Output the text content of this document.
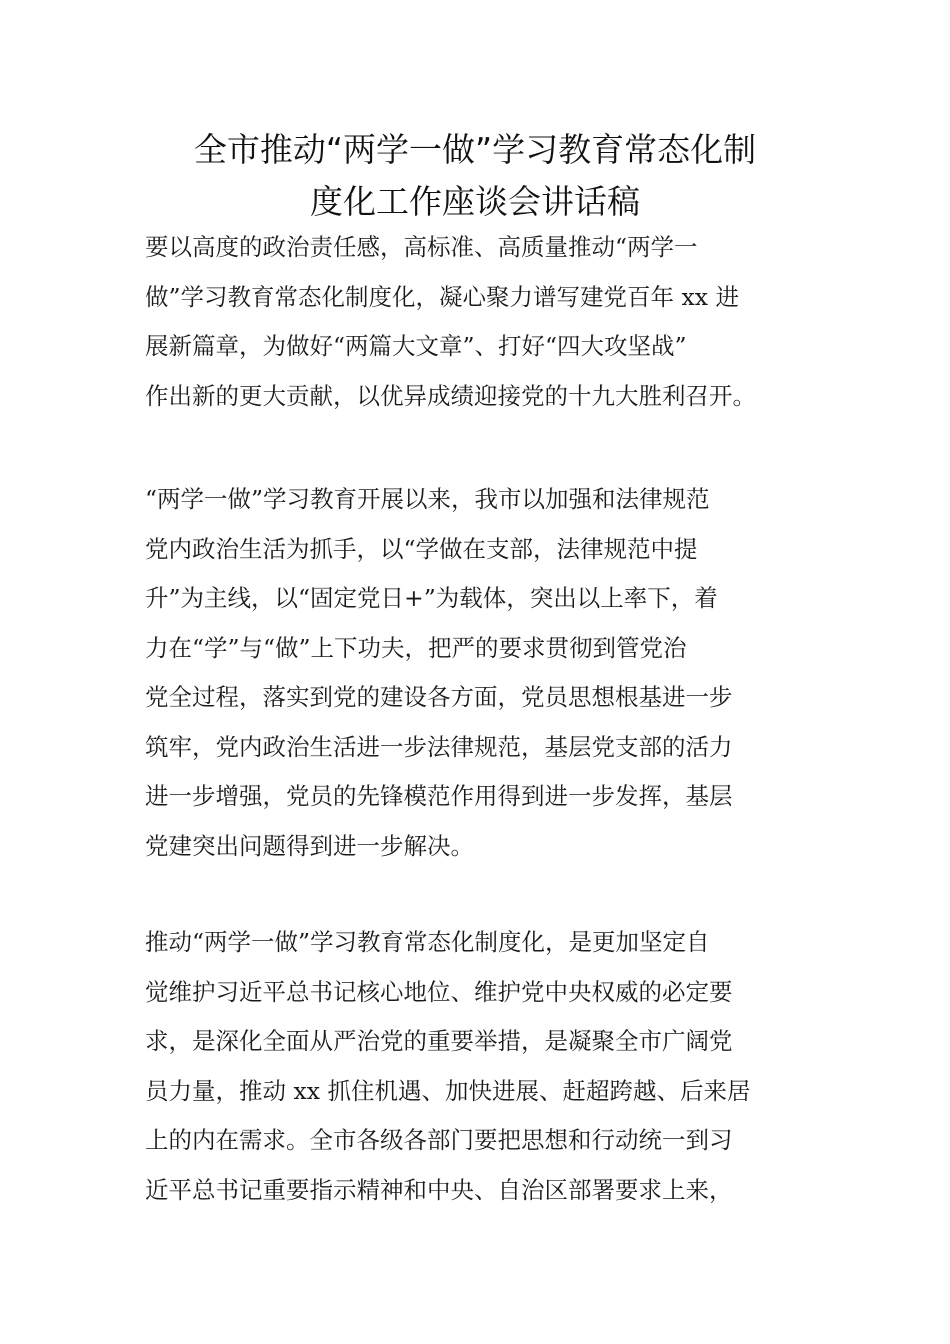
全市推动“两学一做”学习教育常态化制
度化工作座谈会讲话稿
要以高度的政治责任感，高标准、高质量推动“两学一
做”学习教育常态化制度化，凝心聚力谱写建党百年 xx 进
展新篇章，为做好“两篇大文章”、打好“四大攻坚战”
作出新的更大贡献，以优异成绩迎接党的十九大胜利召开。
“两学一做”学习教育开展以来，我市以加强和法律规范
党内政治生活为抓手，以“学做在支部，法律规范中提
升”为主线，以“固定党日+”为载体，突出以上率下，着
力在“学”与“做”上下功夫，把严的要求贯彻到管党治
党全过程，落实到党的建设各方面，党员思想根基进一步
筑牢，党内政治生活进一步法律规范，基层党支部的活力
进一步增强，党员的先锋模范作用得到进一步发挥，基层
党建突出问题得到进一步解决。
推动“两学一做”学习教育常态化制度化，是更加坚定自
觉维护习近平总书记核心地位、维护党中央权威的必定要
求，是深化全面从严治党的重要举措，是凝聚全市广阔党
员力量，推动 xx 抓住机遇、加快进展、赶超跨越、后来居
上的内在需求。全市各级各部门要把思想和行动统一到习
近平总书记重要指示精神和中央、自治区部署要求上来，
